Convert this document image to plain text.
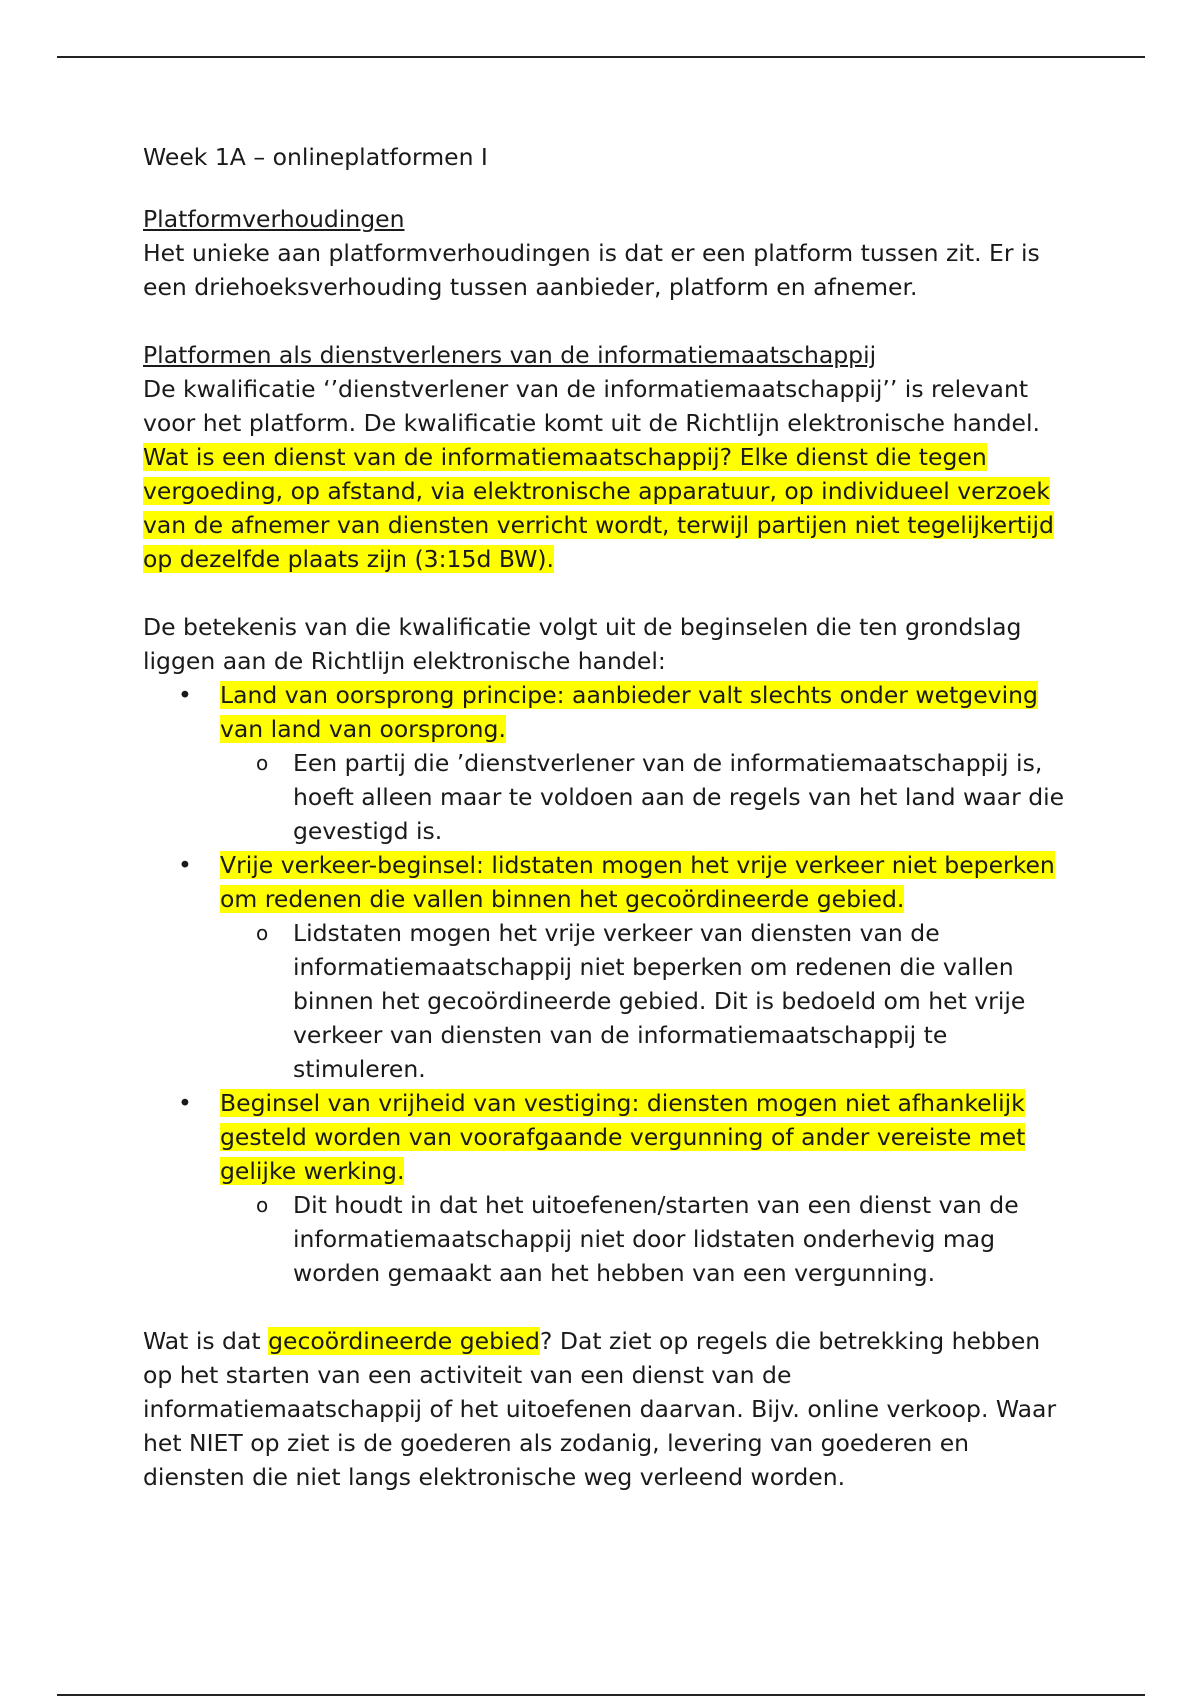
Week 1A – onlineplatformen I

Platformverhoudingen

Het unieke aan platformverhoudingen is dat er een platform tussen zit. Er is een driehoeksverhouding tussen aanbieder, platform en afnemer.

Platformen als dienstverleners van de informatiemaatschappij

De kwalificatie ‘’dienstverlener van de informatiemaatschappij’’ is relevant voor het platform. De kwalificatie komt uit de Richtlijn elektronische handel. Wat is een dienst van de informatiemaatschappij? Elke dienst die tegen vergoeding, op afstand, via elektronische apparatuur, op individueel verzoek van de afnemer van diensten verricht wordt, terwijl partijen niet tegelijkertijd op dezelfde plaats zijn (3:15d BW).

De betekenis van die kwalificatie volgt uit de beginselen die ten grondslag liggen aan de Richtlijn elektronische handel:

•	Land van oorsprong principe: aanbieder valt slechts onder wetgeving van land van oorsprong.
o Een partij die ’dienstverlener van de informatiemaatschappij is, hoeft alleen maar te voldoen aan de regels van het land waar die gevestigd is.
•	Vrije verkeer-beginsel: lidstaten mogen het vrije verkeer niet beperken om redenen die vallen binnen het gecoördineerde gebied.
o Lidstaten mogen het vrije verkeer van diensten van de informatiemaatschappij niet beperken om redenen die vallen binnen het gecoördineerde gebied. Dit is bedoeld om het vrije verkeer van diensten van de informatiemaatschappij te stimuleren.
•	Beginsel van vrijheid van vestiging: diensten mogen niet afhankelijk gesteld worden van voorafgaande vergunning of ander vereiste met gelijke werking.
o Dit houdt in dat het uitoefenen/starten van een dienst van de informatiemaatschappij niet door lidstaten onderhevig mag worden gemaakt aan het hebben van een vergunning.

Wat is dat gecoördineerde gebied? Dat ziet op regels die betrekking hebben op het starten van een activiteit van een dienst van de informatiemaatschappij of het uitoefenen daarvan. Bijv. online verkoop. Waar het NIET op ziet is de goederen als zodanig, levering van goederen en diensten die niet langs elektronische weg verleend worden.
